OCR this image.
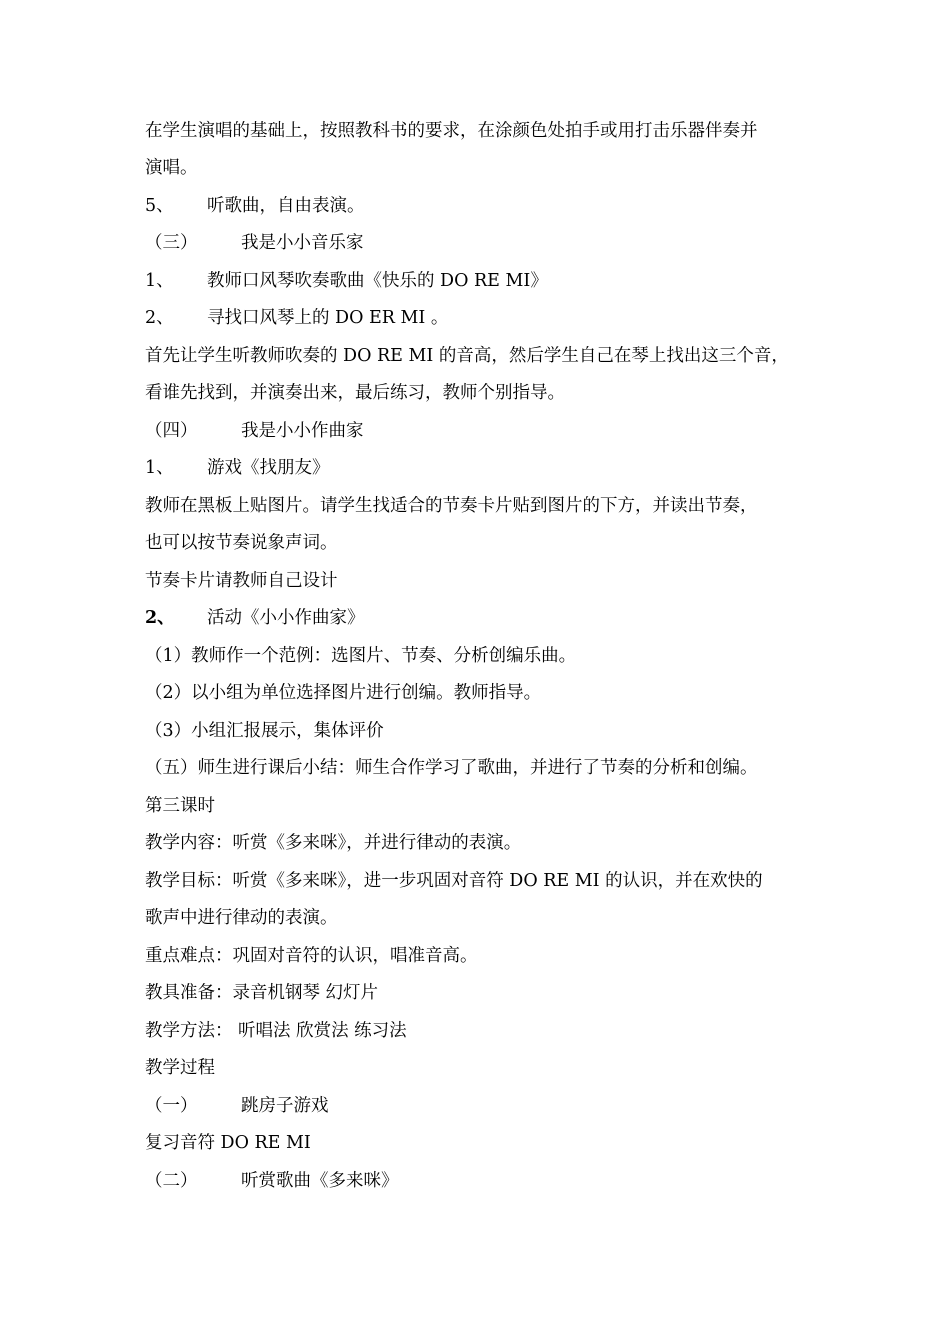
在学生演唱的基础上，按照教科书的要求，在涂颜色处拍手或用打击乐器伴奏并
演唱。
5、 听歌曲，自由表演。
（三） 我是小小音乐家
1、 教师口风琴吹奏歌曲《快乐的 DO RE MI》
2、 寻找口风琴上的 DO ER MI 。
首先让学生听教师吹奏的 DO RE MI 的音高，然后学生自己在琴上找出这三个音，
看谁先找到，并演奏出来，最后练习，教师个别指导。
（四） 我是小小作曲家
1、 游戏《找朋友》
教师在黑板上贴图片。请学生找适合的节奏卡片贴到图片的下方，并读出节奏，
也可以按节奏说象声词。
节奏卡片请教师自己设计
2、 活动《小小作曲家》
（1）教师作一个范例：选图片、节奏、分析创编乐曲。
（2）以小组为单位选择图片进行创编。教师指导。
（3）小组汇报展示，集体评价
（五）师生进行课后小结：师生合作学习了歌曲，并进行了节奏的分析和创编。
第三课时
教学内容：听赏《多来咪》，并进行律动的表演。
教学目标：听赏《多来咪》，进一步巩固对音符 DO RE MI 的认识，并在欢快的
歌声中进行律动的表演。
重点难点：巩固对音符的认识，唱准音高。
教具准备：录音机钢琴 幻灯片
教学方法： 听唱法 欣赏法 练习法
教学过程
（一） 跳房子游戏
复习音符 DO RE MI
（二） 听赏歌曲《多来咪》
